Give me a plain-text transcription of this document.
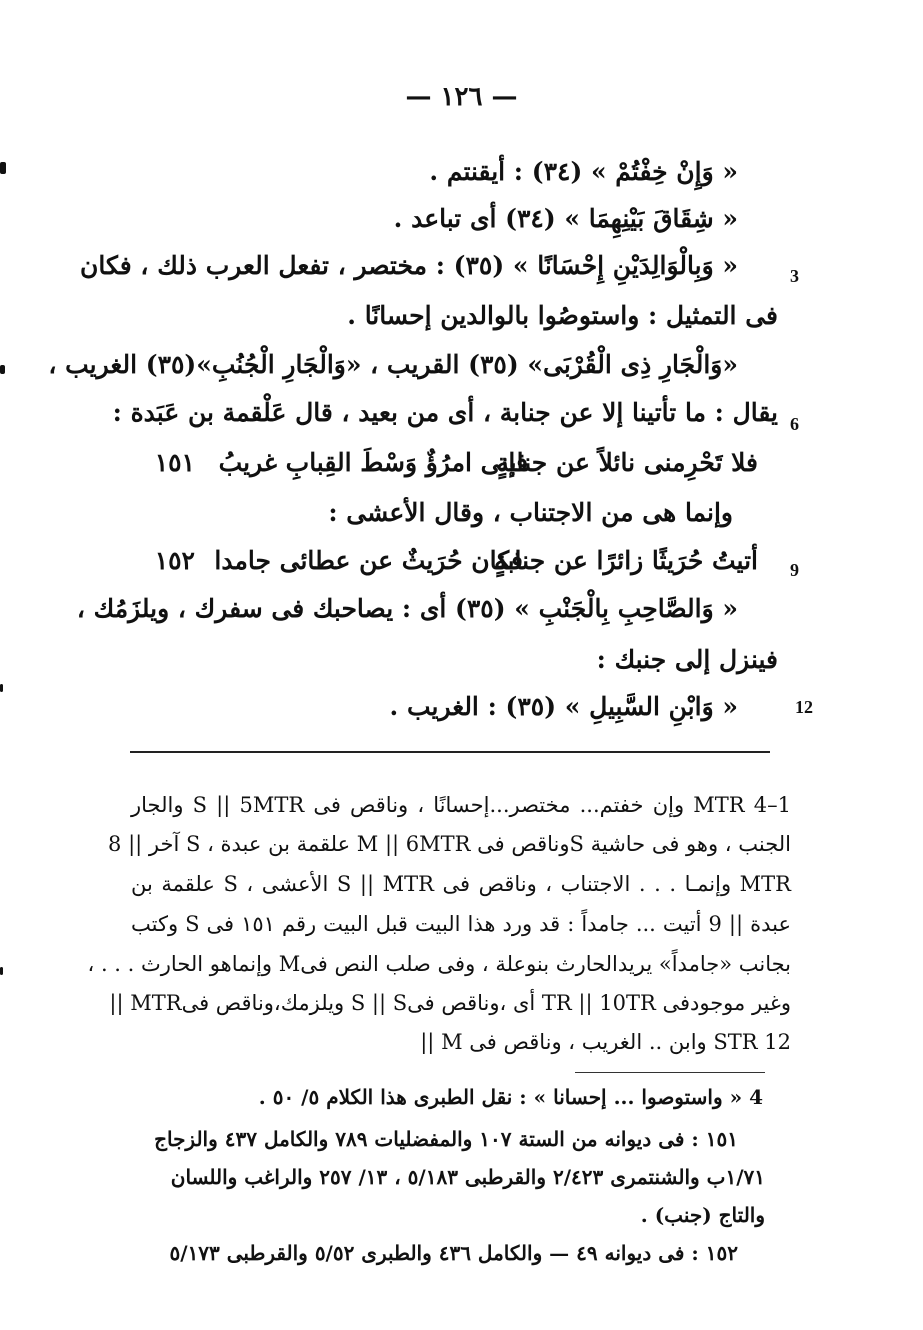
— ١٢٦ —
« وَإِنْ خِفْتُمْ » (٣٤) : أيقنتم .
« شِقَاقَ بَيْنِهِمَا » (٣٤) أى تباعد .
« وَبِالْوَالِدَيْنِ إِحْسَانًا » (٣٥) : مختصر ، تفعل العرب ذلك ، فكان	3
فى التمثيل : واستوصُوا بالوالدين إحسانًا .
«وَالْجَارِ ذِى الْقُرْبَى» (٣٥) القريب ، «وَالْجَارِ الْجُنُبِ»(٣٥) الغريب ،
يقال : ما تأتينا إلا عن جنابة ، أى من بعيد ، قال عَلْقمة بن عَبَدة : 6
فلا تَحْرِمنى نائلاً عن جنابةٍ
فإنى امرُؤٌ وَسْطَ القِبابِ غريبُ
١٥١
وإنما هى من الاجتناب ، وقال الأعشى :
9
أتيتُ حُرَيثًا زائرًا عن جنابةٍ
فكان حُرَيثٌ عن عطائى جامدا
١٥٢
« وَالصَّاحِبِ بِالْجَنْبِ » (٣٥) أى : يصاحبك فى سفرك ، ويلزَمُك ،
فينزل إلى جنبك :
« وَابْنِ السَّبِيلِ » (٣٥) : الغريب .	12
1–4 MTR وإن خفتم... مختصر...إحسانًا ، وناقص فى S || 5MTR والجار
الجنب ، وهو فى حاشية Sوناقص فى M || 6MTR علقمة بن عبدة ، S آخر || 8
MTR وإنمـا . . . الاجتناب ، وناقص فى S || MTR الأعشى ، S علقمة بن
عبدة || 9 أتيت ... جامداً : قد ورد هذا البيت قبل البيت رقم ١٥١ فى S وكتب
بجانب «جامداً» يريدالحارث بنوعلة ، وفى صلب النص فىM وإنماهو الحارث . . . ،
وغير موجودفى TR || 10TR أى ،وناقص فىS || S ويلزمك،وناقص فىMTR ||
12 STR وابن .. الغريب ، وناقص فى M ||
4 « واستوصوا ... إحسانا » : نقل الطبرى هذا الكلام ٥/ ٥٠ .
١٥١ : فى ديوانه من الستة ١٠٧ والمفضليات ٧٨٩ والكامل ٤٣٧ والزجاج
١/٧١ب والشنتمرى ٢/٤٢٣ والقرطبى ٥/١٨٣ ، ١٣/ ٢٥٧ والراغب واللسان
والتاج (جنب) .
١٥٢ : فى ديوانه ٤٩ — والكامل ٤٣٦ والطبرى ٥/٥٢ والقرطبى ٥/١٧٣
